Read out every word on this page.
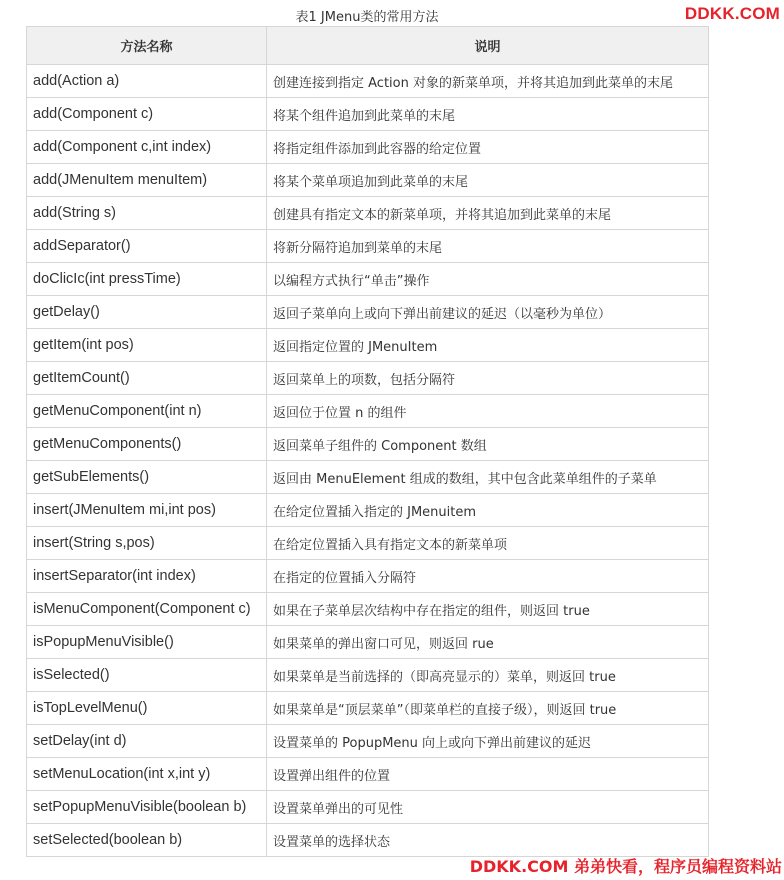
表1 JMenu类的常用方法	DDKK.COM
方法名称	说明
add(Action a)	创建连接到指定 Action 对象的新菜单项，并将其追加到此菜单的末尾
add(Component c)	将某个组件追加到此菜单的末尾
add(Component c,int index)	将指定组件添加到此容器的给定位置
add(JMenuItem menuItem)	将某个菜单项追加到此菜单的末尾
add(String s)	创建具有指定文本的新菜单项，并将其追加到此菜单的末尾
addSeparator()	将新分隔符追加到菜单的末尾
doClicIc(int pressTime)	以编程方式执行“单击”操作
getDelay()	返回子菜单向上或向下弹出前建议的延迟（以毫秒为单位）
getItem(int pos)	返回指定位置的 JMenuItem
getItemCount()	返回菜单上的项数，包括分隔符
getMenuComponent(int n)	返回位于位置 n 的组件
getMenuComponents()	返回菜单子组件的 Component 数组
getSubElements()	返回由 MenuElement 组成的数组，其中包含此菜单组件的子菜单
insert(JMenuItem mi,int pos)	在给定位置插入指定的 JMenuitem
insert(String s,pos)	在给定位置插入具有指定文本的新菜单项
insertSeparator(int index)	在指定的位置插入分隔符
isMenuComponent(Component c)	如果在子菜单层次结构中存在指定的组件，则返回 true
isPopupMenuVisible()	如果菜单的弹出窗口可见，则返回 rue
isSelected()	如果菜单是当前选择的（即高亮显示的）菜单，则返回 true
isTopLevelMenu()	如果菜单是“顶层菜单”（即菜单栏的直接子级），则返回 true
setDelay(int d)	设置菜单的 PopupMenu 向上或向下弹出前建议的延迟
setMenuLocation(int x,int y)	设置弹出组件的位置
setPopupMenuVisible(boolean b)	设置菜单弹出的可见性
setSelected(boolean b)	设置菜单的选择状态
DDKK.COM 弟弟快看，程序员编程资料站
